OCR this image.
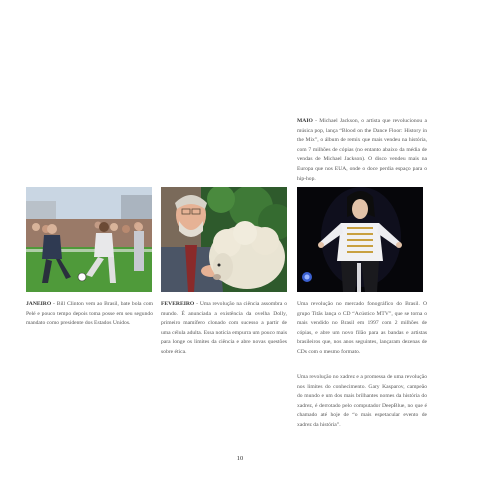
MAIO - Michael Jackson, o artista que revolucionou a música pop, lança “Blood on the Dance Floor: History in the Mix”, o álbum de remix que mais vendeu na história, com 7 milhões de cópias (no entanto abaixo da média de vendas de Michael Jackson). O disco vendeu mais na Europa que nos EUA, onde o doce perdia espaço para o hip-hop.
JANEIRO - Bill Clinton vem ao Brasil, bate bola com Pelé e pouco tempo depois toma posse em seu segundo mandato como presidente dos Estados Unidos.
FEVEREIRO - Uma revolução na ciência assombra o mundo. É anunciada a existência da ovelha Dolly, primeiro mamífero clonado com sucesso a partir de uma célula adulta. Essa notícia empurra um pouco mais para longe os limites da ciência e abre novas questões sobre ética.
Uma revolução no mercado fonográfico do Brasil. O grupo Titãs lança o CD “Acústico MTV”, que se torna o mais vendido no Brasil em 1997 com 2 milhões de cópias, e abre um novo filão para as bandas e artistas brasileiros que, nos anos seguintes, lançaram dezenas de CDs com o mesmo formato.
Uma revolução no xadrez e a promessa de uma revolução nos limites do conhecimento. Gary Kasparov, campeão do mundo e um dos mais brilhantes nomes da história do xadrez, é derrotado pelo computador DeepBlue, no que é chamado até hoje de “o mais espetacular evento de xadrez da história”.
10
